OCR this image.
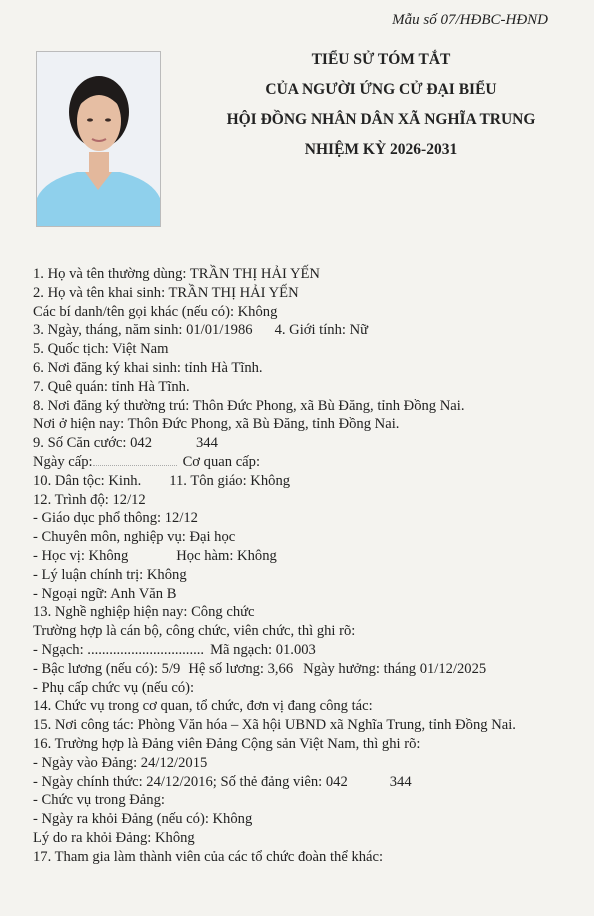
Mẫu số 07/HĐBC-HĐND
TIỂU SỬ TÓM TẮT
CỦA NGƯỜI ỨNG CỬ ĐẠI BIỂU
HỘI ĐỒNG NHÂN DÂN XÃ NGHĨA TRUNG
NHIỆM KỲ 2026-2031
1. Họ và tên thường dùng: TRẦN THỊ HẢI YẾN
2. Họ và tên khai sinh: TRẦN THỊ HẢI YẾN
Các bí danh/tên gọi khác (nếu có): Không
3. Ngày, tháng, năm sinh: 01/01/1986 4. Giới tính: Nữ
5. Quốc tịch: Việt Nam
6. Nơi đăng ký khai sinh: tỉnh Hà Tĩnh.
7. Quê quán: tỉnh Hà Tĩnh.
8. Nơi đăng ký thường trú: Thôn Đức Phong, xã Bù Đăng, tỉnh Đồng Nai.
Nơi ở hiện nay: Thôn Đức Phong, xã Bù Đăng, tỉnh Đồng Nai.
9. Số Căn cước: 042	344
Ngày cấp:	Cơ quan cấp:
10. Dân tộc: Kinh. 11. Tôn giáo: Không
12. Trình độ: 12/12
- Giáo dục phổ thông: 12/12
- Chuyên môn, nghiệp vụ: Đại học
- Học vị: Không	Học hàm: Không
- Lý luận chính trị: Không
- Ngoại ngữ: Anh Văn B
13. Nghề nghiệp hiện nay: Công chức
Trường hợp là cán bộ, công chức, viên chức, thì ghi rõ:
- Ngạch: ................................ Mã ngạch: 01.003
- Bậc lương (nếu có): 5/9 Hệ số lương: 3,66 Ngày hưởng: tháng 01/12/2025
- Phụ cấp chức vụ (nếu có):
14. Chức vụ trong cơ quan, tổ chức, đơn vị đang công tác:
15. Nơi công tác: Phòng Văn hóa – Xã hội UBND xã Nghĩa Trung, tỉnh Đồng Nai.
16. Trường hợp là Đảng viên Đảng Cộng sản Việt Nam, thì ghi rõ:
- Ngày vào Đảng: 24/12/2015
- Ngày chính thức: 24/12/2016; Số thẻ đảng viên: 042	344
- Chức vụ trong Đảng:
- Ngày ra khỏi Đảng (nếu có): Không
Lý do ra khỏi Đảng: Không
17. Tham gia làm thành viên của các tổ chức đoàn thể khác:
